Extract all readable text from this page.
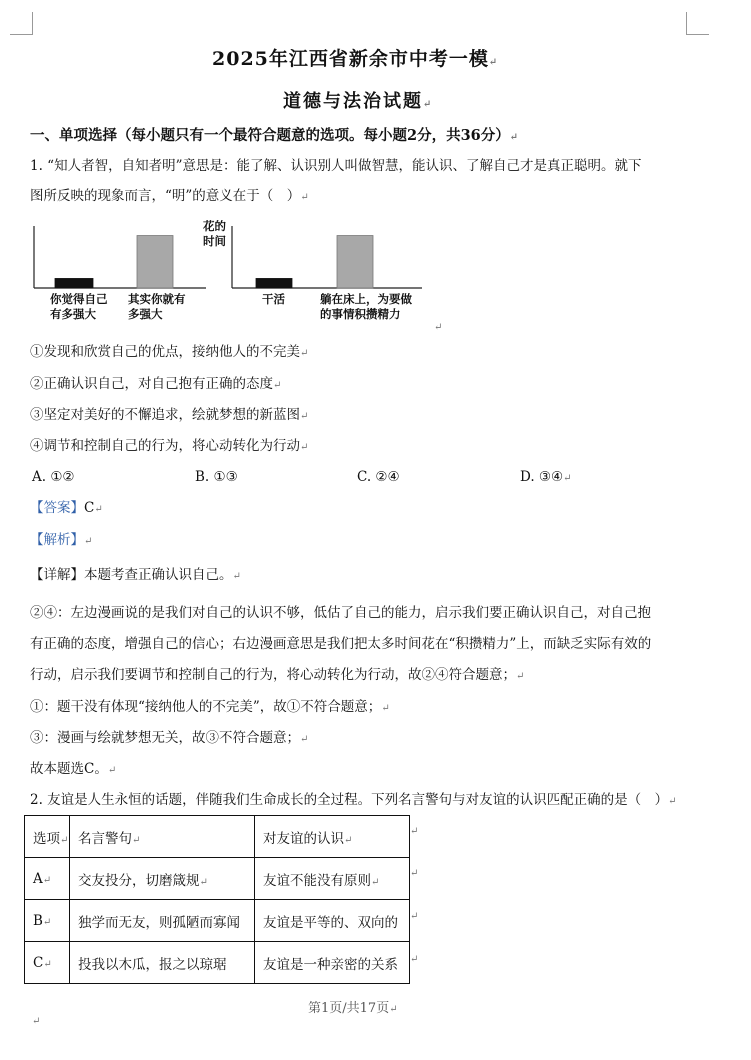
2025年江西省新余市中考一模↵
道德与法治试题↵
一、单项选择（每小题只有一个最符合题意的选项。每小题2分，共36分）↵
1. “知人者智，自知者明”意思是：能了解、认识别人叫做智慧，能认识、了解自己才是真正聪明。就下
图所反映的现象而言，“明”的意义在于（　）↵
你觉得自己
有多强大
其实你就有
多强大
花的
时间
干活	躺在床上，为要做
的事情积攒精力
↵
①发现和欣赏自己的优点，接纳他人的不完美↵
②正确认识自己，对自己抱有正确的态度↵
③坚定对美好的不懈追求，绘就梦想的新蓝图↵
④调节和控制自己的行为，将心动转化为行动↵
A. ①②	B. ①③	C. ②④	D. ③④↵
【答案】C↵
【解析】↵
【详解】本题考查正确认识自己。↵
②④：左边漫画说的是我们对自己的认识不够，低估了自己的能力，启示我们要正确认识自己，对自己抱
有正确的态度，增强自己的信心；右边漫画意思是我们把太多时间花在“积攒精力”上，而缺乏实际有效的
行动，启示我们要调节和控制自己的行为，将心动转化为行动，故②④符合题意；↵
①：题干没有体现“接纳他人的不完美”，故①不符合题意；↵
③：漫画与绘就梦想无关，故③不符合题意；↵
故本题选C。↵
2. 友谊是人生永恒的话题，伴随我们生命成长的全过程。下列名言警句与对友谊的认识匹配正确的是（　）↵
选项↵	名言警句↵	对友谊的认识↵
A↵	交友投分，切磨箴规↵	友谊不能没有原则↵
B↵	独学而无友，则孤陋而寡闻	友谊是平等的、双向的
C↵	投我以木瓜，报之以琼琚	友谊是一种亲密的关系
↵
↵
↵
↵
第1页/共17页↵
↵
